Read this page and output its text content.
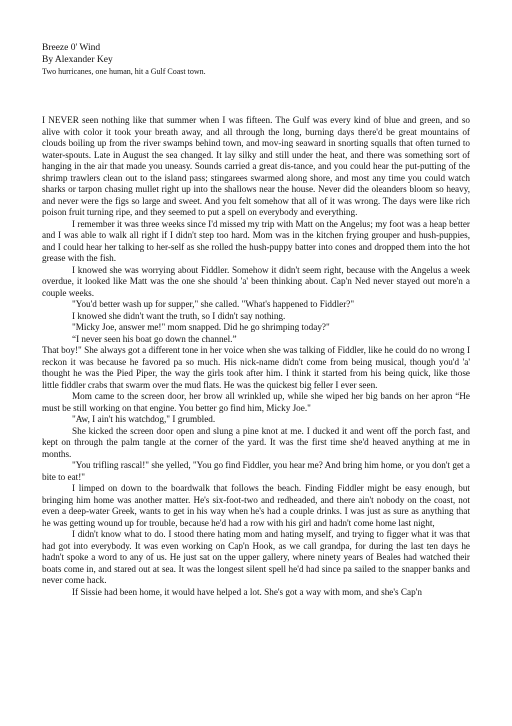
Breeze 0' Wind
By Alexander Key
Two hurricanes, one human, hit a Gulf Coast town.

I NEVER seen nothing like that summer when I was fifteen. The Gulf was every kind of blue and green, and so alive with color it took your breath away, and all through the long, burning days there'd be great mountains of clouds boiling up from the river swamps behind town, and mov-ing seaward in snorting squalls that often turned to water-spouts. Late in August the sea changed. It lay silky and still under the heat, and there was something sort of hanging in the air that made you uneasy. Sounds carried a great dis-tance, and you could hear the put-putting of the shrimp trawlers clean out to the island pass; stingarees swarmed along shore, and most any time you could watch sharks or tarpon chasing mullet right up into the shallows near the house. Never did the oleanders bloom so heavy, and never were the figs so large and sweet. And you felt somehow that all of it was wrong. The days were like rich poison fruit turning ripe, and they seemed to put a spell on everybody and everything.

I remember it was three weeks since I'd missed my trip with Matt on the Angelus; my foot was a heap better and I was able to walk all right if I didn't step too hard. Mom was in the kitchen frying grouper and hush-puppies, and I could hear her talking to her-self as she rolled the hush-puppy batter into cones and dropped them into the hot grease with the fish.

I knowed she was worrying about Fiddler. Somehow it didn't seem right, because with the Angelus a week overdue, it looked like Matt was the one she should 'a' been thinking about. Cap'n Ned never stayed out more'n a couple weeks.

"You'd better wash up for supper," she called. "What's happened to Fiddler?"

I knowed she didn't want the truth, so I didn't say nothing.

"Micky Joe, answer me!" mom snapped. Did he go shrimping today?"

“I never seen his boat go down the channel.”

That boy!" She always got a different tone in her voice when she was talking of Fiddler, like he could do no wrong I reckon it was because he favored pa so much. His nick-name didn't come from being musical, though you'd 'a' thought he was the Pied Piper, the way the girls took after him. I think it started from his being quick, like those little fiddler crabs that swarm over the mud flats. He was the quickest big feller I ever seen.

Mom came to the screen door, her brow all wrinkled up, while she wiped her big bands on her apron “He must be still working on that engine. You better go find him, Micky Joe."

"Aw, I ain't his watchdog," I grumbled.

She kicked the screen door open and slung a pine knot at me. I ducked it and went off the porch fast, and kept on through the palm tangle at the corner of the yard. It was the first time she'd heaved anything at me in months.

"You trifling rascal!" she yelled, "You go find Fiddler, you hear me? And bring him home, or you don't get a bite to eat!"

I limped on down to the boardwalk that follows the beach. Finding Fiddler might be easy enough, but bringing him home was another matter. He's six-foot-two and redheaded, and there ain't nobody on the coast, not even a deep-water Greek, wants to get in his way when he's had a couple drinks. I was just as sure as anything that he was getting wound up for trouble, because he'd had a row with his girl and hadn't come home last night,

I didn't know what to do. I stood there hating mom and hating myself, and trying to figger what it was that had got into everybody. It was even working on Cap'n Hook, as we call grandpa, for during the last ten days he hadn't spoke a word to any of us. He just sat on the upper gallery, where ninety years of Beales had watched their boats come in, and stared out at sea. It was the longest silent spell he'd had since pa sailed to the snapper banks and never come hack.

If Sissie had been home, it would have helped a lot. She's got a way with mom, and she's Cap'n
